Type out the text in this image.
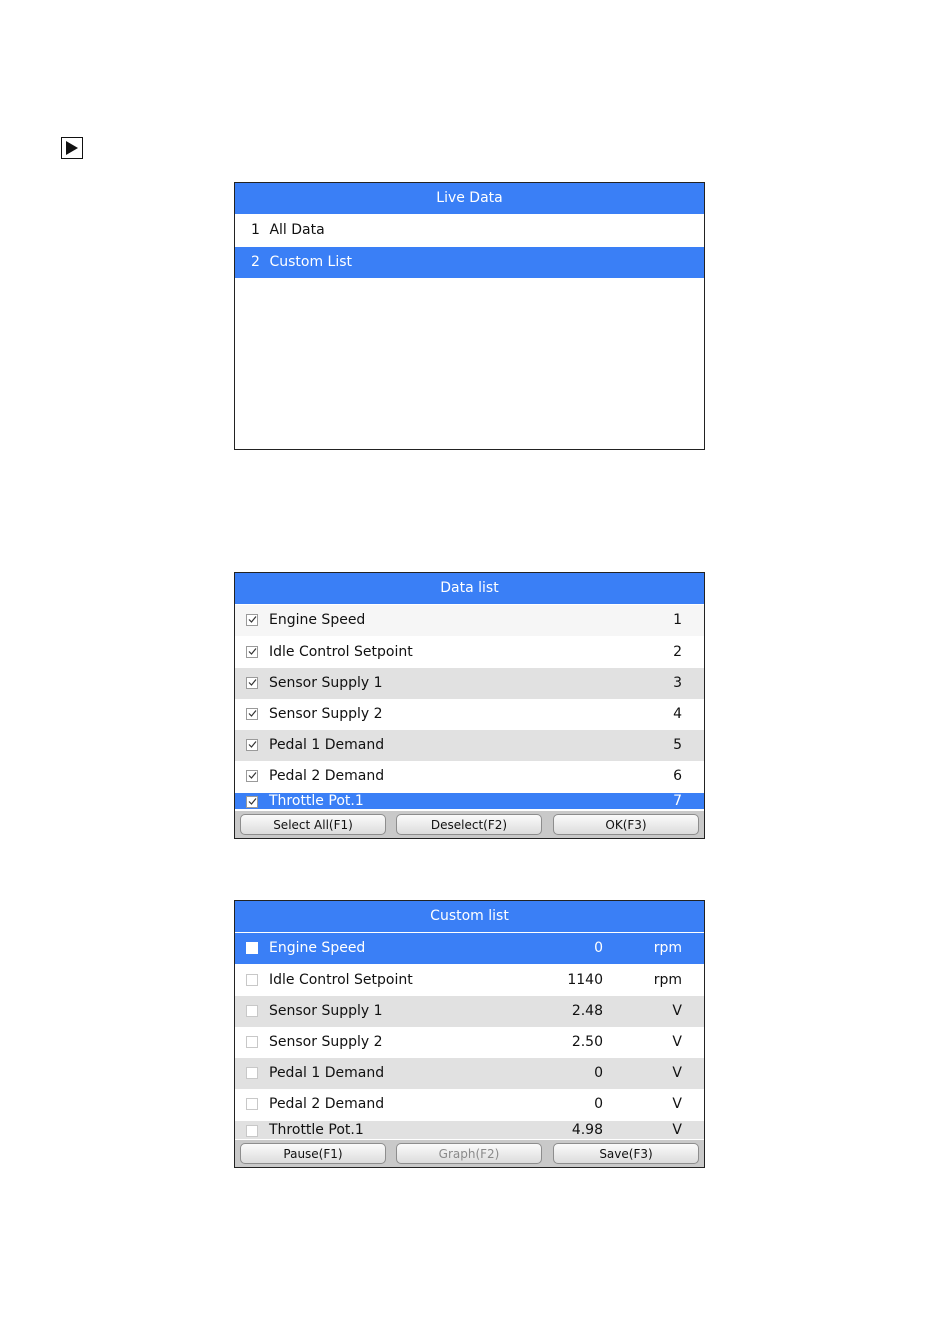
Live Data
1 All Data
2 Custom List
Data list
Engine Speed	1
Idle Control Setpoint	2
Sensor Supply 1	3
Sensor Supply 2	4
Pedal 1 Demand	5
Pedal 2 Demand	6
Throttle Pot.1	7
Select All(F1)	Deselect(F2)	OK(F3)
Custom list
Engine Speed	0	rpm
Idle Control Setpoint	1140	rpm
Sensor Supply 1	2.48	V
Sensor Supply 2	2.50	V
Pedal 1 Demand	0	V
Pedal 2 Demand	0	V
Throttle Pot.1	4.98	V
Pause(F1)	Graph(F2)	Save(F3)
